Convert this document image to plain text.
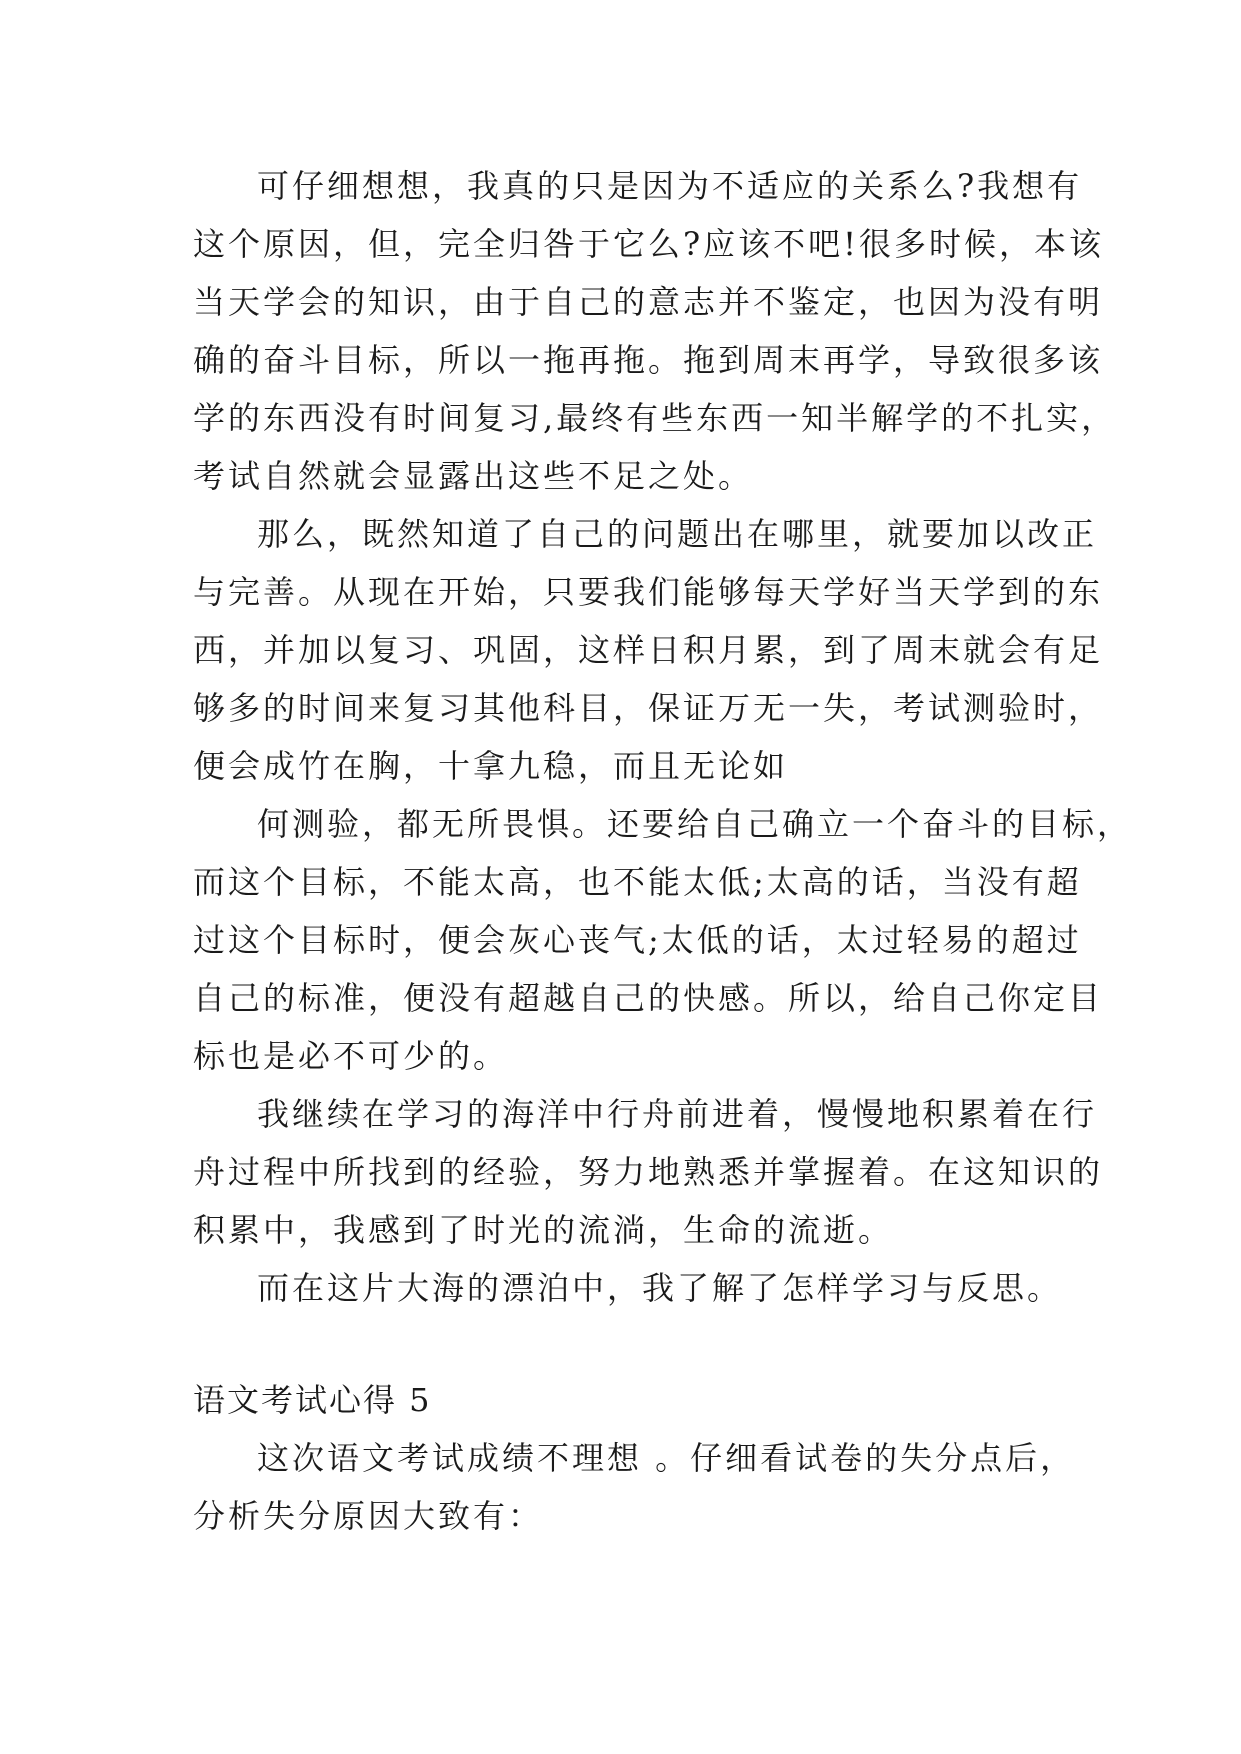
可仔细想想，我真的只是因为不适应的关系么?我想有
这个原因，但，完全归咎于它么?应该不吧!很多时候，本该
当天学会的知识，由于自己的意志并不鉴定，也因为没有明
确的奋斗目标，所以一拖再拖。拖到周末再学，导致很多该
学的东西没有时间复习,最终有些东西一知半解学的不扎实，
考试自然就会显露出这些不足之处。
那么，既然知道了自己的问题出在哪里，就要加以改正
与完善。从现在开始，只要我们能够每天学好当天学到的东
西，并加以复习、巩固，这样日积月累，到了周末就会有足
够多的时间来复习其他科目，保证万无一失，考试测验时，
便会成竹在胸，十拿九稳，而且无论如
何测验，都无所畏惧。还要给自己确立一个奋斗的目标，
而这个目标，不能太高，也不能太低;太高的话，当没有超
过这个目标时，便会灰心丧气;太低的话，太过轻易的超过
自己的标准，便没有超越自己的快感。所以，给自己你定目
标也是必不可少的。
我继续在学习的海洋中行舟前进着，慢慢地积累着在行
舟过程中所找到的经验，努力地熟悉并掌握着。在这知识的
积累中，我感到了时光的流淌，生命的流逝。
而在这片大海的漂泊中，我了解了怎样学习与反思。
语文考试心得 5
这次语文考试成绩不理想 。仔细看试卷的失分点后，
分析失分原因大致有：
